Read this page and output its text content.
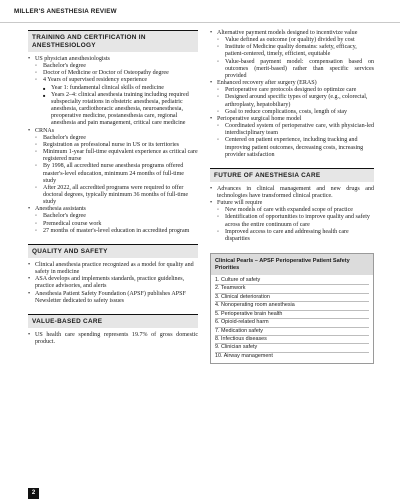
MILLER'S ANESTHESIA REVIEW
TRAINING AND CERTIFICATION IN ANESTHESIOLOGY
• US physician anesthesiologists
◦ Bachelor's degree
◦ Doctor of Medicine or Doctor of Osteopathy degree
◦ 4 Years of supervised residency experience
■ Year 1: fundamental clinical skills of medicine
■ Years 2–4: clinical anesthesia training including required subspecialty rotations in obstetric anesthesia, pediatric anesthesia, cardiothoracic anesthesia, neuroanesthesia, preoperative medicine, postanesthesia care, regional anesthesia and pain management, critical care medicine
• CRNAs
◦ Bachelor's degree
◦ Registration as professional nurse in US or its territories
◦ Minimum 1-year full-time equivalent experience as critical care registered nurse
◦ By 1998, all accredited nurse anesthesia programs offered master's-level education, minimum 24 months of full-time study
◦ After 2022, all accredited programs were required to offer doctoral degrees, typically minimum 36 months of full-time study
• Anesthesia assistants
◦ Bachelor's degree
◦ Premedical course work
◦ 27 months of master's-level education in accredited program
QUALITY AND SAFETY
• Clinical anesthesia practice recognized as a model for quality and safety in medicine
• ASA develops and implements standards, practice guidelines, practice advisories, and alerts
• Anesthesia Patient Safety Foundation (APSF) publishes APSF Newsletter dedicated to safety issues
VALUE-BASED CARE
• US health care spending represents 19.7% of gross domestic product.
• Alternative payment models designed to incentivize value
◦ Value defined as outcome (or quality) divided by cost
◦ Institute of Medicine quality domains: safety, efficacy, patient-centered, timely, efficient, equitable
◦ Value-based payment model: compensation based on outcomes (merit-based) rather than specific services provided
• Enhanced recovery after surgery (ERAS)
◦ Perioperative care protocols designed to optimize care
◦ Designed around specific types of surgery (e.g., colorectal, arthroplasty, hepatobiliary)
◦ Goal to reduce complications, costs, length of stay
• Perioperative surgical home model
◦ Coordinated system of perioperative care, with physician-led interdisciplinary team
◦ Centered on patient experience, including tracking and improving patient outcomes, decreasing costs, increasing provider satisfaction
FUTURE OF ANESTHESIA CARE
• Advances in clinical management and new drugs and technologies have transformed clinical practice.
• Future will require
◦ New models of care with expanded scope of practice
◦ Identification of opportunities to improve quality and safety across the entire continuum of care
◦ Improved access to care and addressing health care disparities
Clinical Pearls – APSF Perioperative Patient Safety Priorities
1. Culture of safety
2. Teamwork
3. Clinical deterioration
4. Nonoperating room anesthesia
5. Perioperative brain health
6. Opioid-related harm
7. Medication safety
8. Infectious diseases
9. Clinician safety
10. Airway management
2
